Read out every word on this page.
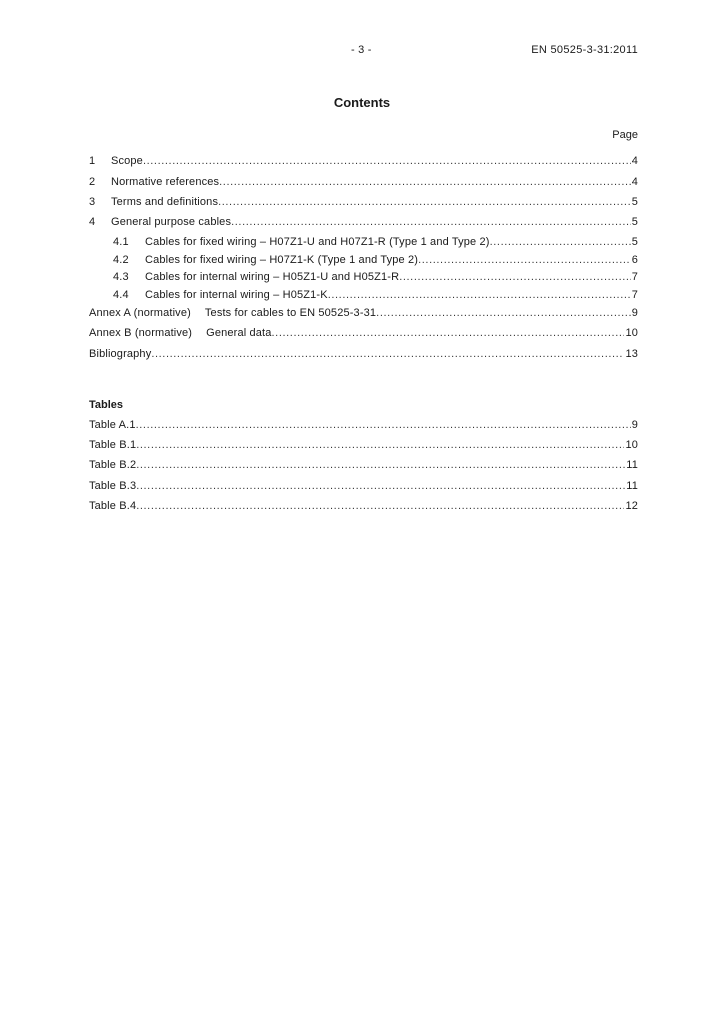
- 3 -	EN 50525-3-31:2011
Contents
Page
1	Scope .....	4
2	Normative references .....	4
3	Terms and definitions .....	5
4	General purpose cables .....	5
4.1	Cables for fixed wiring – H07Z1-U and H07Z1-R (Type 1 and Type 2) .....	5
4.2	Cables for fixed wiring – H07Z1-K (Type 1 and Type 2) .....	6
4.3	Cables for internal wiring – H05Z1-U and H05Z1-R .....	7
4.4	Cables for internal wiring – H05Z1-K .....	7
Annex A (normative) Tests for cables to EN 50525-3-31 .....	9
Annex B (normative) General data .....	10
Bibliography .....	13
Tables
Table A.1 .....	9
Table B.1 .....	10
Table B.2 .....	11
Table B.3 .....	11
Table B.4 .....	12
